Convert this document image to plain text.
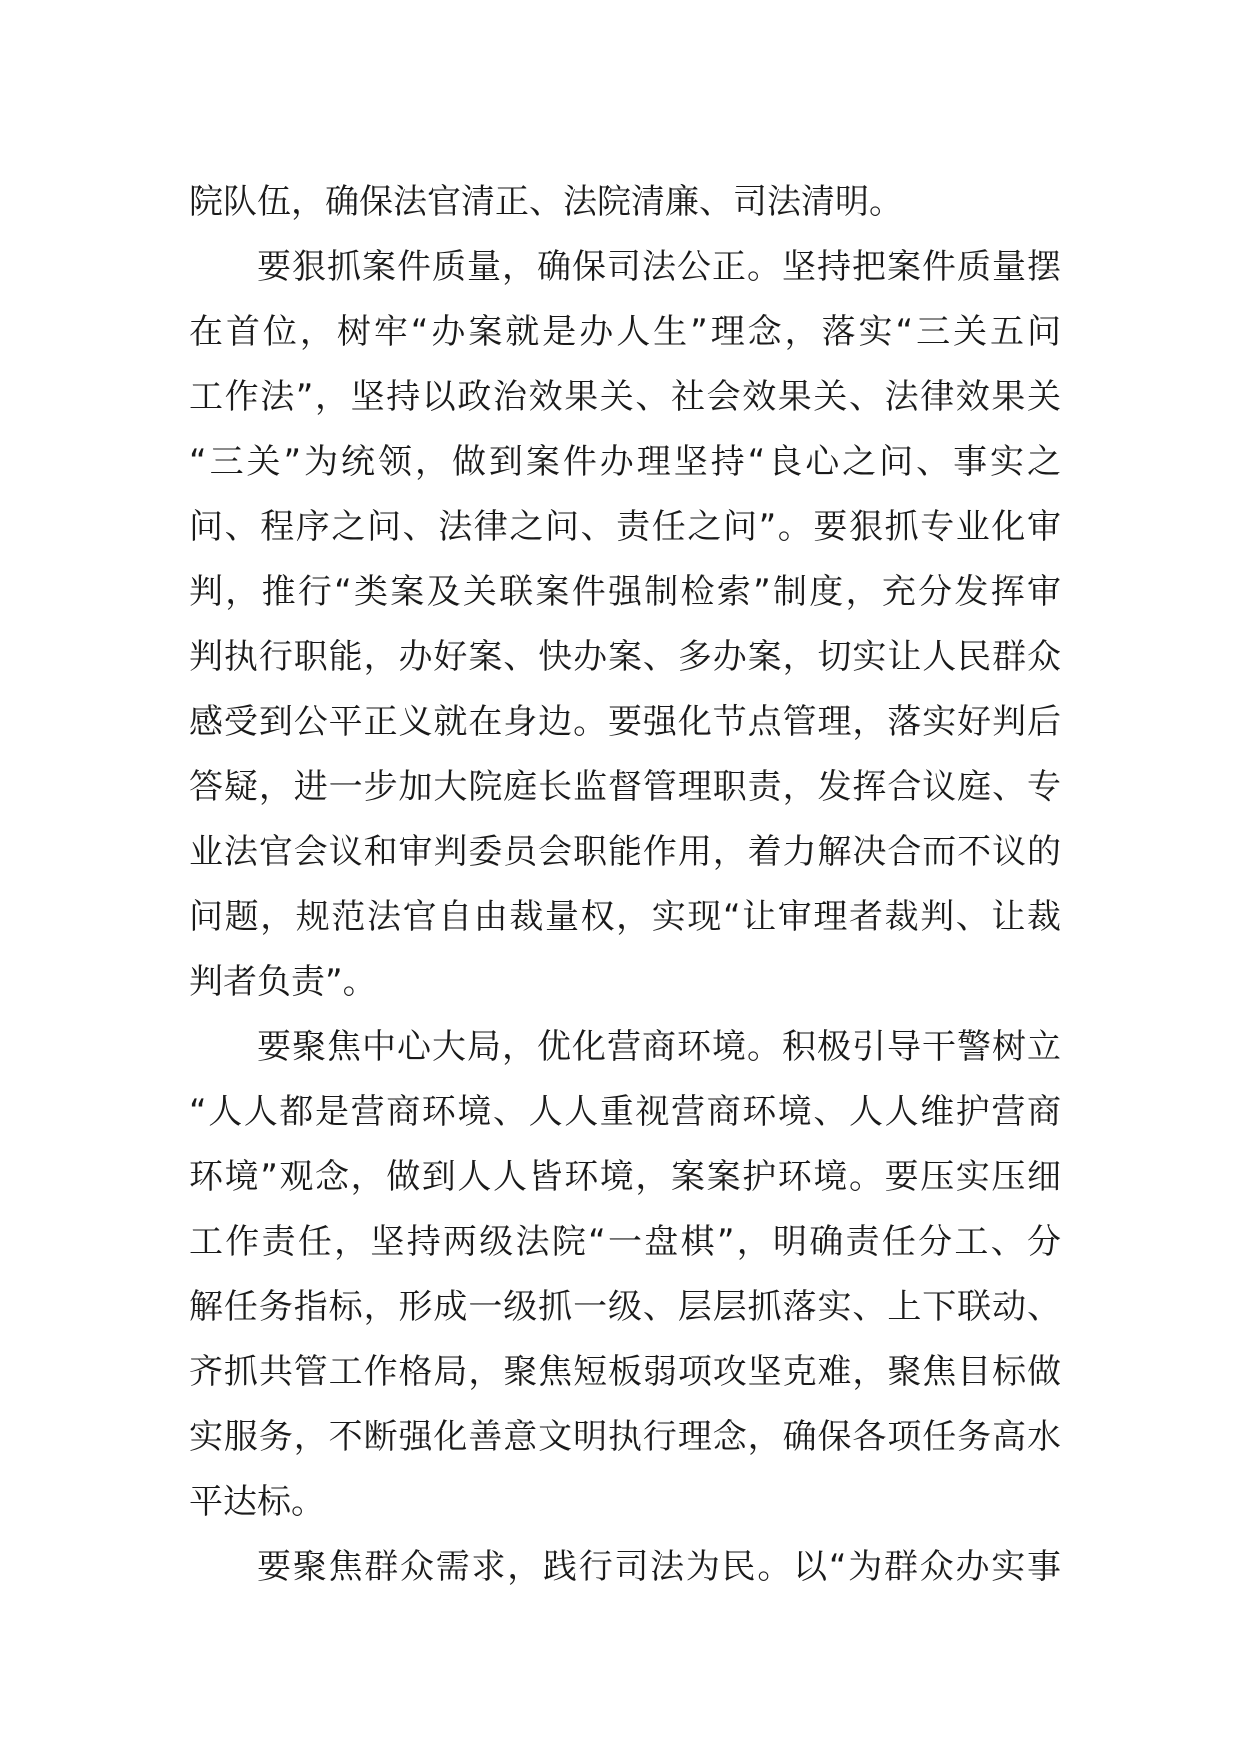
院队伍，确保法官清正、法院清廉、司法清明。
要狠抓案件质量，确保司法公正。坚持把案件质量摆
在首位，树牢“办案就是办人生”理念，落实“三关五问
工作法”，坚持以政治效果关、社会效果关、法律效果关
“三关”为统领，做到案件办理坚持“良心之问、事实之
问、程序之问、法律之问、责任之问”。要狠抓专业化审
判，推行“类案及关联案件强制检索”制度，充分发挥审
判执行职能，办好案、快办案、多办案，切实让人民群众
感受到公平正义就在身边。要强化节点管理，落实好判后
答疑，进一步加大院庭长监督管理职责，发挥合议庭、专
业法官会议和审判委员会职能作用，着力解决合而不议的
问题，规范法官自由裁量权，实现“让审理者裁判、让裁
判者负责”。
要聚焦中心大局，优化营商环境。积极引导干警树立
“人人都是营商环境、人人重视营商环境、人人维护营商
环境”观念，做到人人皆环境，案案护环境。要压实压细
工作责任，坚持两级法院“一盘棋”，明确责任分工、分
解任务指标，形成一级抓一级、层层抓落实、上下联动、
齐抓共管工作格局，聚焦短板弱项攻坚克难，聚焦目标做
实服务，不断强化善意文明执行理念，确保各项任务高水
平达标。
要聚焦群众需求，践行司法为民。以“为群众办实事
